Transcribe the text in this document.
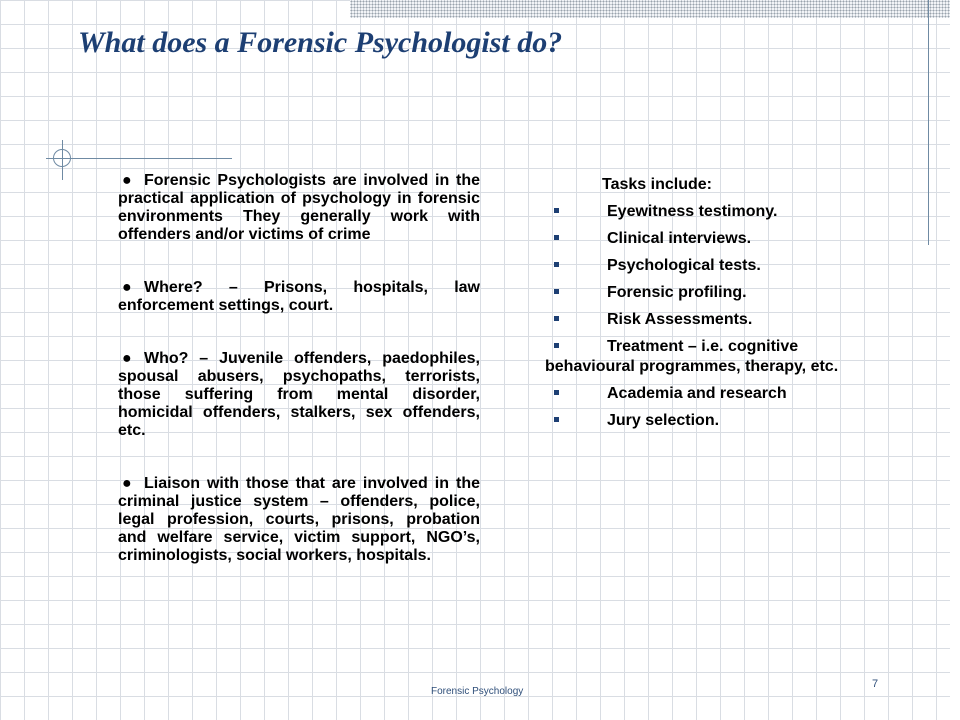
What does a Forensic Psychologist do?

● Forensic Psychologists are involved in the practical application of psychology in forensic environments They generally work with offenders and/or victims of crime

● Where? – Prisons, hospitals, law enforcement settings, court.

● Who? – Juvenile offenders, paedophiles, spousal abusers, psychopaths, terrorists, those suffering from mental disorder, homicidal offenders, stalkers, sex offenders, etc.

● Liaison with those that are involved in the criminal justice system – offenders, police, legal profession, courts, prisons, probation and welfare service, victim support, NGO’s, criminologists, social workers, hospitals.

Tasks include:
Eyewitness testimony.
Clinical interviews.
Psychological tests.
Forensic profiling.
Risk Assessments.
Treatment – i.e. cognitive behavioural programmes, therapy, etc.
Academia and research
Jury selection.
Forensic Psychology
7
